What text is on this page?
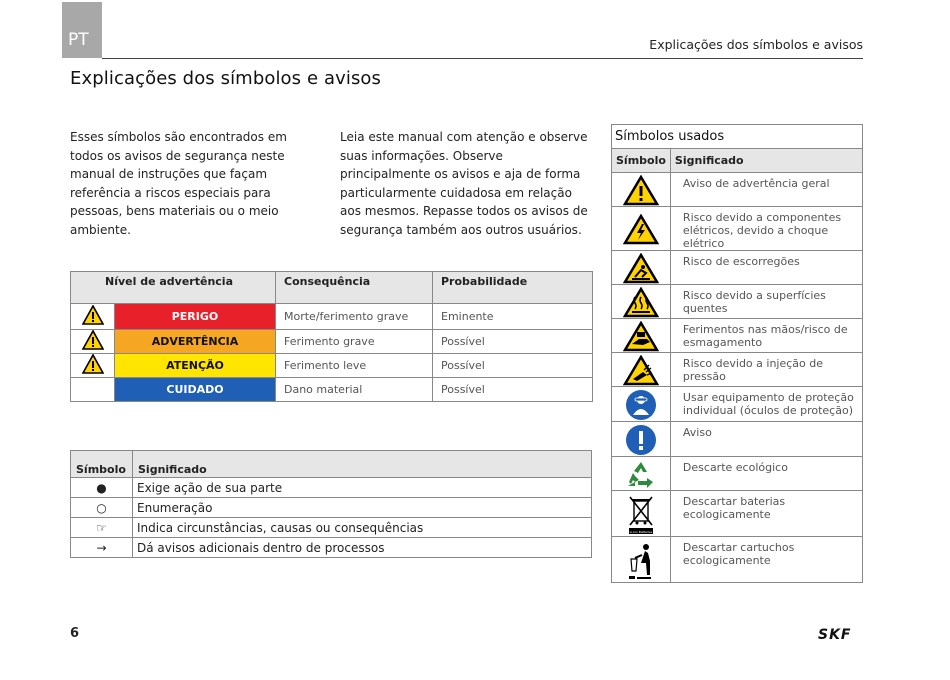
PT	Explicações dos símbolos e avisos
Explicações dos símbolos e avisos

Esses símbolos são encontrados em todos os avisos de segurança neste manual de instruções que façam referência a riscos especiais para pessoas, bens materiais ou o meio ambiente.

Leia este manual com atenção e observe suas informações. Observe principalmente os avisos e aja de forma particularmente cuidadosa em relação aos mesmos. Repasse todos os avisos de segurança também aos outros usuários.

Nível de advertência		Consequência	Probabilidade
	PERIGO	Morte/ferimento grave	Eminente
	ADVERTÊNCIA	Ferimento grave	Possível
	ATENÇÃO	Ferimento leve	Possível
	CUIDADO	Dano material	Possível
Símbolo	Significado
●	Exige ação de sua parte
○	Enumeração
☞	Indica circunstâncias, causas ou consequências
→	Dá avisos adicionais dentro de processos
Símbolos usados	
Símbolo	Significado

	Aviso de advertência geral

	Risco devido a componentes elétricos, devido a choque elétrico

	Risco de escorregões

	Risco devido a superfícies quentes

	Ferimentos nas mãos/risco de esmagamento

	Risco devido a injeção de pressão

	Usar equipamento de proteção individual (óculos de proteção)

	Aviso

	Descarte ecológico

Li-Ion Batteries	Descartar baterias ecologicamente

	Descartar cartuchos ecologicamente
6	SKF
